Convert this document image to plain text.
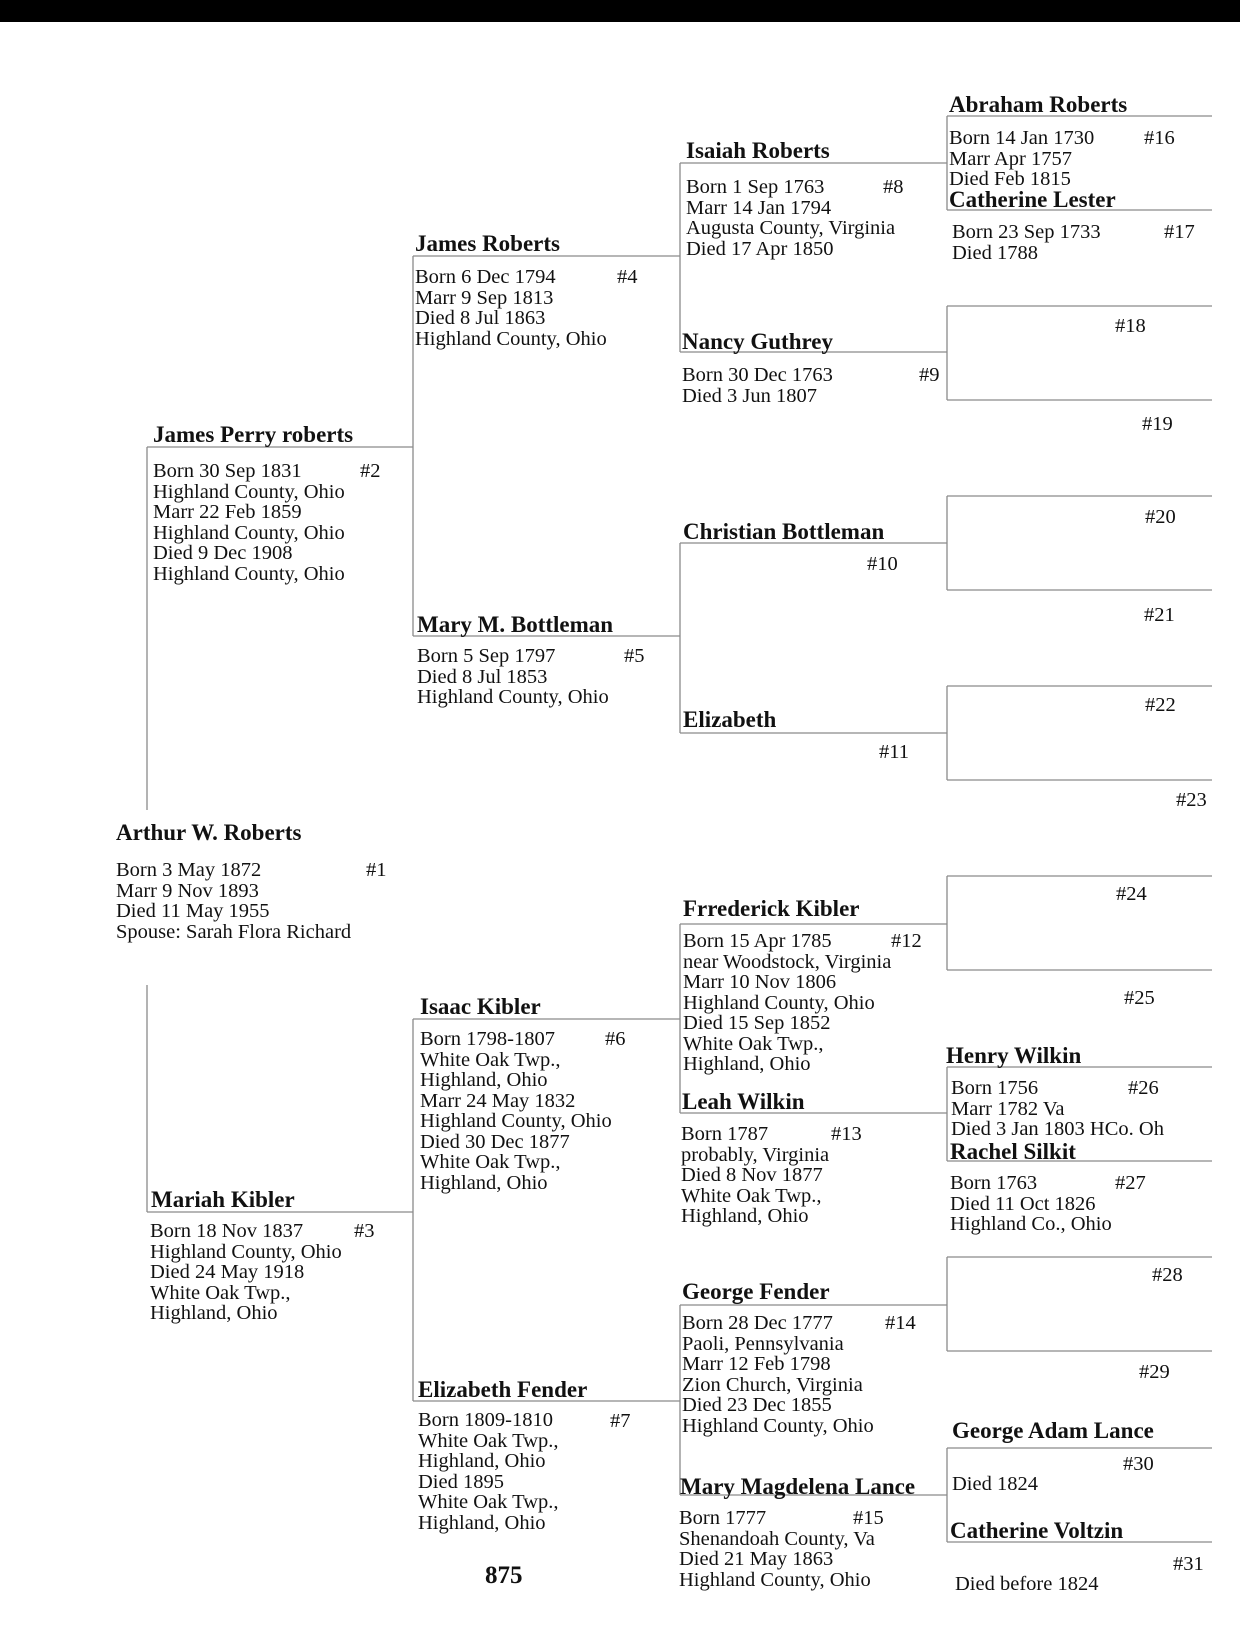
Arthur W. Roberts
#1
Born 3 May 1872
Marr 9 Nov 1893
Died 11 May 1955
Spouse: Sarah Flora Richard
James Perry roberts
#2
Born 30 Sep 1831
Highland County, Ohio
Marr 22 Feb 1859
Highland County, Ohio
Died 9 Dec 1908
Highland County, Ohio
Mariah Kibler
#3
Born 18 Nov 1837
Highland County, Ohio
Died 24 May 1918
White Oak Twp.,
Highland, Ohio
James Roberts
#4
Born 6 Dec 1794
Marr 9 Sep 1813
Died 8 Jul 1863
Highland County, Ohio
Mary M. Bottleman
#5
Born 5 Sep 1797
Died 8 Jul 1853
Highland County, Ohio
Isaac Kibler
#6
Born 1798-1807
White Oak Twp.,
Highland, Ohio
Marr 24 May 1832
Highland County, Ohio
Died 30 Dec 1877
White Oak Twp.,
Highland, Ohio
Elizabeth Fender
#7
Born 1809-1810
White Oak Twp.,
Highland, Ohio
Died 1895
White Oak Twp.,
Highland, Ohio
Isaiah Roberts
#8
Born 1 Sep 1763
Marr 14 Jan 1794
Augusta County, Virginia
Died 17 Apr 1850
Nancy Guthrey
#9
Born 30 Dec 1763
Died 3 Jun 1807
Christian Bottleman
#10
Elizabeth
#11
Frrederick Kibler
#12
Born 15 Apr 1785
near Woodstock, Virginia
Marr 10 Nov 1806
Highland County, Ohio
Died 15 Sep 1852
White Oak Twp.,
Highland, Ohio
Leah Wilkin
#13
Born 1787
probably, Virginia
Died 8 Nov 1877
White Oak Twp.,
Highland, Ohio
George Fender
#14
Born 28 Dec 1777
Paoli, Pennsylvania
Marr 12 Feb 1798
Zion Church, Virginia
Died 23 Dec 1855
Highland County, Ohio
Mary Magdelena Lance
#15
Born 1777
Shenandoah County, Va
Died 21 May 1863
Highland County, Ohio
Abraham Roberts
#16
Born 14 Jan 1730
Marr Apr 1757
Died Feb 1815
Catherine Lester
#17
Born 23 Sep 1733
Died 1788
#18
#19
#20
#21
#22
#23
#24
#25
Henry Wilkin
#26
Born 1756
Marr 1782 Va
Died 3 Jan 1803 HCo. Oh
Rachel Silkit
#27
Born 1763
Died 11 Oct 1826
Highland Co., Ohio
#28
#29
George Adam Lance
#30
Died 1824
Catherine Voltzin
#31
Died before 1824
875
